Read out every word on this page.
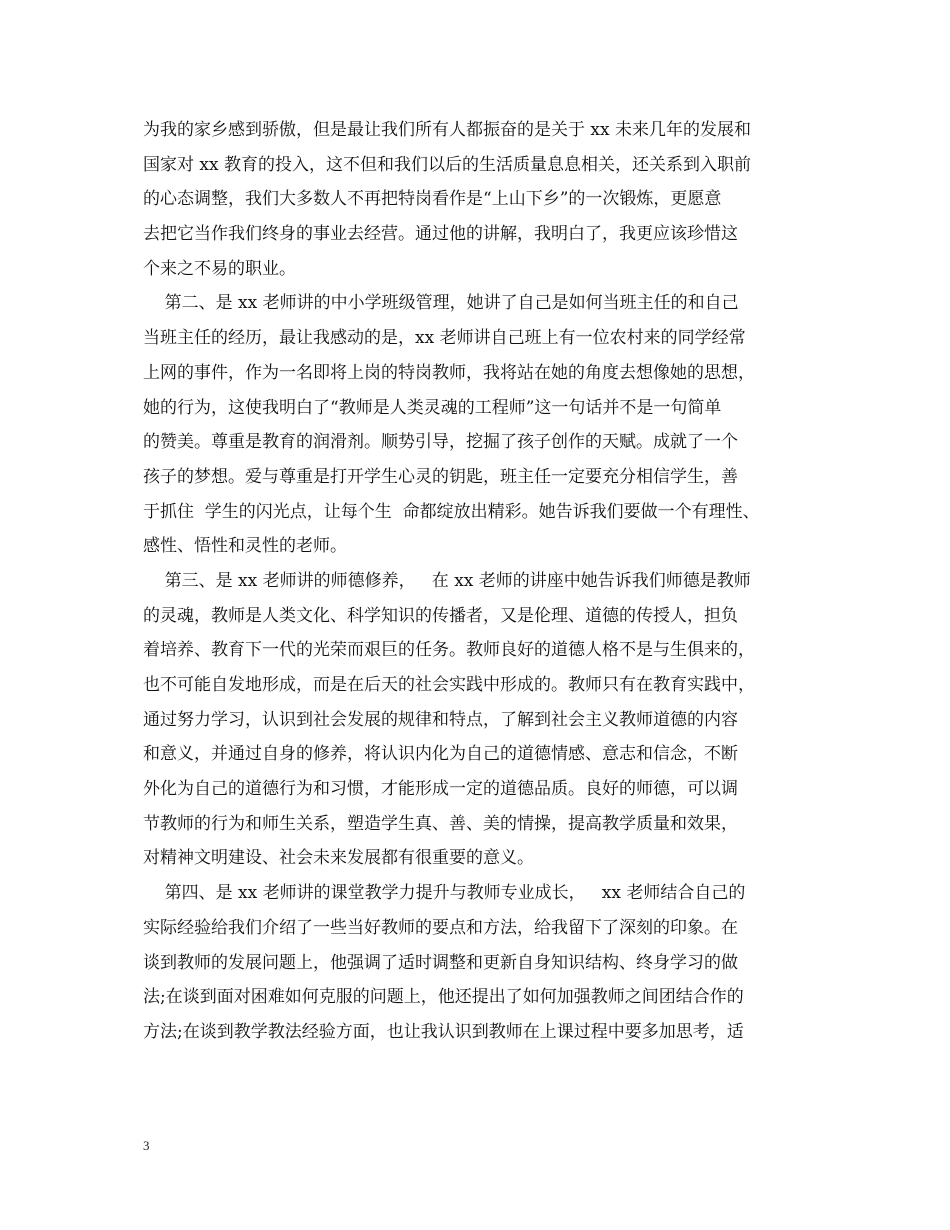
为我的家乡感到骄傲，但是最让我们所有人都振奋的是关于 xx 未来几年的发展和
国家对 xx 教育的投入，这不但和我们以后的生活质量息息相关，还关系到入职前
的心态调整，我们大多数人不再把特岗看作是“上山下乡”的一次锻炼，更愿意
去把它当作我们终身的事业去经营。通过他的讲解，我明白了，我更应该珍惜这
个来之不易的职业。
第二、是 xx 老师讲的中小学班级管理，她讲了自己是如何当班主任的和自己
当班主任的经历，最让我感动的是，xx 老师讲自己班上有一位农村来的同学经常
上网的事件，作为一名即将上岗的特岗教师，我将站在她的角度去想像她的思想，
她的行为，这使我明白了“教师是人类灵魂的工程师”这一句话并不是一句简单
的赞美。尊重是教育的润滑剂。顺势引导，挖掘了孩子创作的天赋。成就了一个
孩子的梦想。爱与尊重是打开学生心灵的钥匙，班主任一定要充分相信学生，善
于抓住  学生的闪光点，让每个生  命都绽放出精彩。她告诉我们要做一个有理性、
感性、悟性和灵性的老师。
第三、是 xx 老师讲的师德修养，   在 xx 老师的讲座中她告诉我们师德是教师
的灵魂，教师是人类文化、科学知识的传播者，又是伦理、道德的传授人，担负
着培养、教育下一代的光荣而艰巨的任务。教师良好的道德人格不是与生俱来的，
也不可能自发地形成，而是在后天的社会实践中形成的。教师只有在教育实践中，
通过努力学习，认识到社会发展的规律和特点，了解到社会主义教师道德的内容
和意义，并通过自身的修养，将认识内化为自己的道德情感、意志和信念，不断
外化为自己的道德行为和习惯，才能形成一定的道德品质。良好的师德，可以调
节教师的行为和师生关系，塑造学生真、善、美的情操，提高教学质量和效果，
对精神文明建设、社会未来发展都有很重要的意义。
第四、是 xx 老师讲的课堂教学力提升与教师专业成长，   xx 老师结合自己的
实际经验给我们介绍了一些当好教师的要点和方法，给我留下了深刻的印象。在
谈到教师的发展问题上，他强调了适时调整和更新自身知识结构、终身学习的做
法;在谈到面对困难如何克服的问题上，他还提出了如何加强教师之间团结合作的
方法;在谈到教学教法经验方面，也让我认识到教师在上课过程中要多加思考，适
3
